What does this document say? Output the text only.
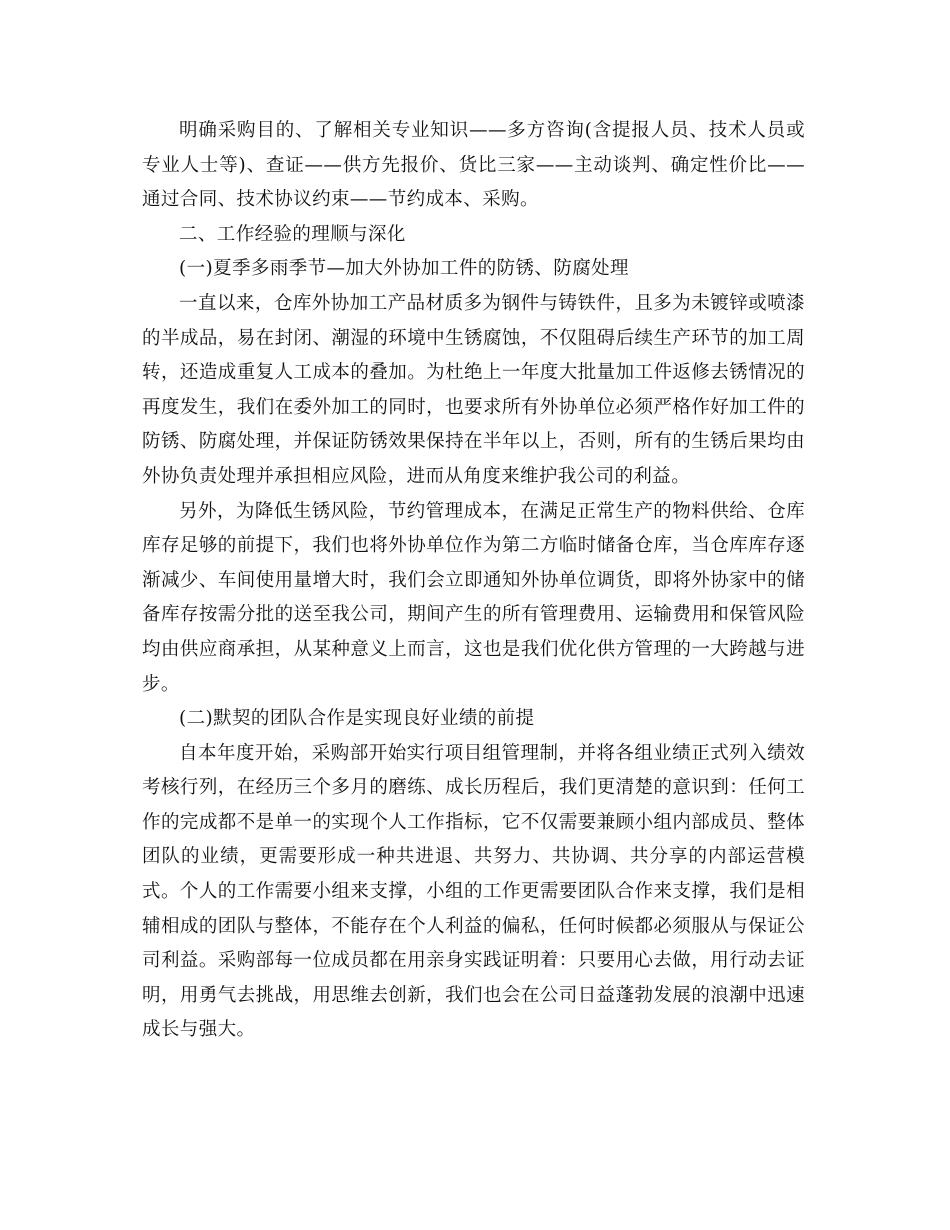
明确采购目的、了解相关专业知识——多方咨询(含提报人员、技术人员或专业人士等)、查证——供方先报价、货比三家——主动谈判、确定性价比——通过合同、技术协议约束——节约成本、采购。

二、工作经验的理顺与深化

(一)夏季多雨季节—加大外协加工件的防锈、防腐处理

一直以来，仓库外协加工产品材质多为钢件与铸铁件，且多为未镀锌或喷漆的半成品，易在封闭、潮湿的环境中生锈腐蚀，不仅阻碍后续生产环节的加工周转，还造成重复人工成本的叠加。为杜绝上一年度大批量加工件返修去锈情况的再度发生，我们在委外加工的同时，也要求所有外协单位必须严格作好加工件的防锈、防腐处理，并保证防锈效果保持在半年以上，否则，所有的生锈后果均由外协负责处理并承担相应风险，进而从角度来维护我公司的利益。

另外，为降低生锈风险，节约管理成本，在满足正常生产的物料供给、仓库库存足够的前提下，我们也将外协单位作为第二方临时储备仓库，当仓库库存逐渐减少、车间使用量增大时，我们会立即通知外协单位调货，即将外协家中的储备库存按需分批的送至我公司，期间产生的所有管理费用、运输费用和保管风险均由供应商承担，从某种意义上而言，这也是我们优化供方管理的一大跨越与进步。

(二)默契的团队合作是实现良好业绩的前提

自本年度开始，采购部开始实行项目组管理制，并将各组业绩正式列入绩效考核行列，在经历三个多月的磨练、成长历程后，我们更清楚的意识到：任何工作的完成都不是单一的实现个人工作指标，它不仅需要兼顾小组内部成员、整体团队的业绩，更需要形成一种共进退、共努力、共协调、共分享的内部运营模式。个人的工作需要小组来支撑，小组的工作更需要团队合作来支撑，我们是相辅相成的团队与整体，不能存在个人利益的偏私，任何时候都必须服从与保证公司利益。采购部每一位成员都在用亲身实践证明着：只要用心去做，用行动去证明，用勇气去挑战，用思维去创新，我们也会在公司日益蓬勃发展的浪潮中迅速成长与强大。
